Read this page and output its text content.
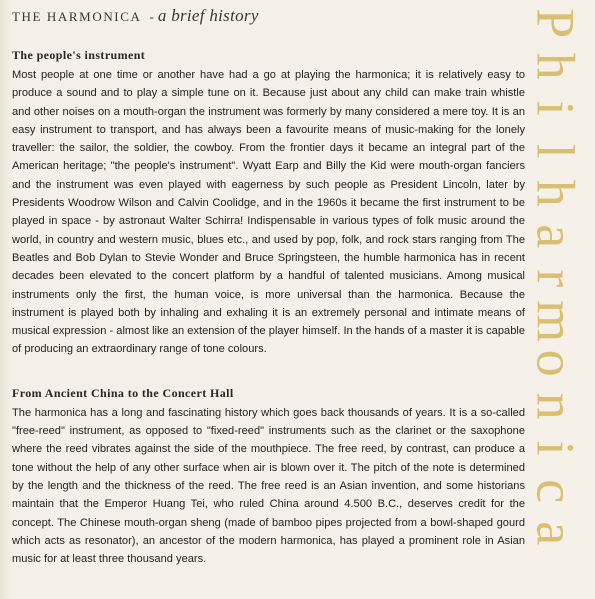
THE HARMONICA - a brief history	P
h
i
l
h
a
r
m
o
n
i
c
a
The people's instrument

Most people at one time or another have had a go at playing the harmonica; it is relatively easy to produce a sound and to play a simple tune on it. Because just about any child can make train whistle and other noises on a mouth-organ the instrument was formerly by many considered a mere toy. It is an easy instrument to transport, and has always been a favourite means of music-making for the lonely traveller: the sailor, the soldier, the cowboy. From the frontier days it became an integral part of the American heritage; "the people's instrument". Wyatt Earp and Billy the Kid were mouth-organ fanciers and the instrument was even played with eagerness by such people as President Lincoln, later by Presidents Woodrow Wilson and Calvin Coolidge, and in the 1960s it became the first instrument to be played in space - by astronaut Walter Schirra! Indispensable in various types of folk music around the world, in country and western music, blues etc., and used by pop, folk, and rock stars ranging from The Beatles and Bob Dylan to Stevie Wonder and Bruce Springsteen, the humble harmonica has in recent decades been elevated to the concert platform by a handful of talented musicians. Among musical instruments only the first, the human voice, is more universal than the harmonica. Because the instrument is played both by inhaling and exhaling it is an extremely personal and intimate means of musical expression - almost like an extension of the player himself. In the hands of a master it is capable of producing an extraordinary range of tone colours.

From Ancient China to the Concert Hall

The harmonica has a long and fascinating history which goes back thousands of years. It is a so-called "free-reed" instrument, as opposed to "fixed-reed" instruments such as the clarinet or the saxophone where the reed vibrates against the side of the mouthpiece. The free reed, by contrast, can produce a tone without the help of any other surface when air is blown over it. The pitch of the note is determined by the length and the thickness of the reed. The free reed is an Asian invention, and some historians maintain that the Emperor Huang Tei, who ruled China around 4.500 B.C., deserves credit for the concept. The Chinese mouth-organ sheng (made of bamboo pipes projected from a bowl-shaped gourd which acts as resonator), an ancestor of the modern harmonica, has played a prominent role in Asian music for at least three thousand years.
